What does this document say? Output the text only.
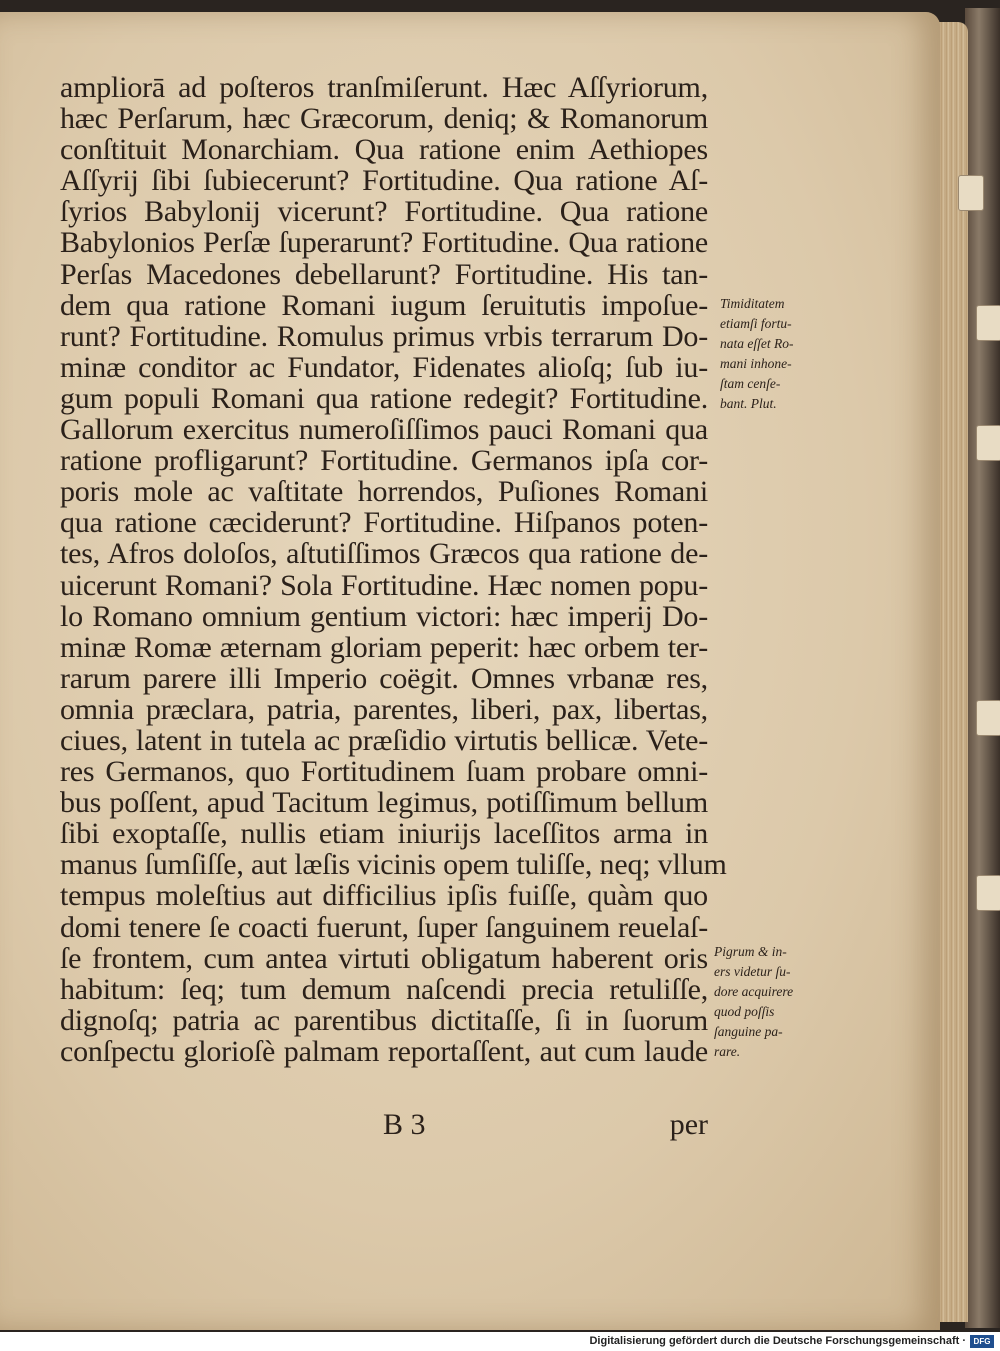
ampliorā ad poſteros tranſmiſerunt. Hæc Aſſyriorum,
hæc Perſarum, hæc Græcorum, deniq; & Romanorum
conſtituit Monarchiam. Qua ratione enim Aethiopes
Aſſyrij ſibi ſubiecerunt? Fortitudine. Qua ratione Aſ-
ſyrios Babylonij vicerunt? Fortitudine. Qua ratione
Babylonios Perſæ ſuperarunt? Fortitudine. Qua ratione
Perſas Macedones debellarunt? Fortitudine. His tan-
dem qua ratione Romani iugum ſeruitutis impoſue-
runt? Fortitudine. Romulus primus vrbis terrarum Do-
minæ conditor ac Fundator, Fidenates alioſq; ſub iu-
gum populi Romani qua ratione redegit? Fortitudine.
Gallorum exercitus numeroſiſſimos pauci Romani qua
ratione profligarunt? Fortitudine. Germanos ipſa cor-
poris mole ac vaſtitate horrendos, Puſiones Romani
qua ratione cæciderunt? Fortitudine. Hiſpanos poten-
tes, Afros doloſos, aſtutiſſimos Græcos qua ratione de-
uicerunt Romani? Sola Fortitudine. Hæc nomen popu-
lo Romano omnium gentium victori: hæc imperij Do-
minæ Romæ æternam gloriam peperit: hæc orbem ter-
rarum parere illi Imperio coëgit. Omnes vrbanæ res,
omnia præclara, patria, parentes, liberi, pax, libertas,
ciues, latent in tutela ac præſidio virtutis bellicæ. Vete-
res Germanos, quo Fortitudinem ſuam probare omni-
bus poſſent, apud Tacitum legimus, potiſſimum bellum
ſibi exoptaſſe, nullis etiam iniurijs laceſſitos arma in
manus ſumſiſſe, aut læſis vicinis opem tuliſſe, neq; vllum
tempus moleſtius aut difficilius ipſis fuiſſe, quàm quo
domi tenere ſe coacti fuerunt, ſuper ſanguinem reuelaſ-
ſe frontem, cum antea virtuti obligatum haberent oris
habitum: ſeq; tum demum naſcendi precia retuliſſe,
dignoſq; patria ac parentibus dictitaſſe, ſi in ſuorum
conſpectu glorioſè palmam reportaſſent, aut cum laude
Timiditatem
etiamſi fortu-
nata eſſet Ro-
mani inhone-
ſtam cenſe-
bant. Plut.
Pigrum & in-
ers videtur ſu-
dore acquirere
quod poſſis
ſanguine pa-
rare.
B 3	per
Digitalisierung gefördert durch die Deutsche Forschungsgemeinschaft · DFG
